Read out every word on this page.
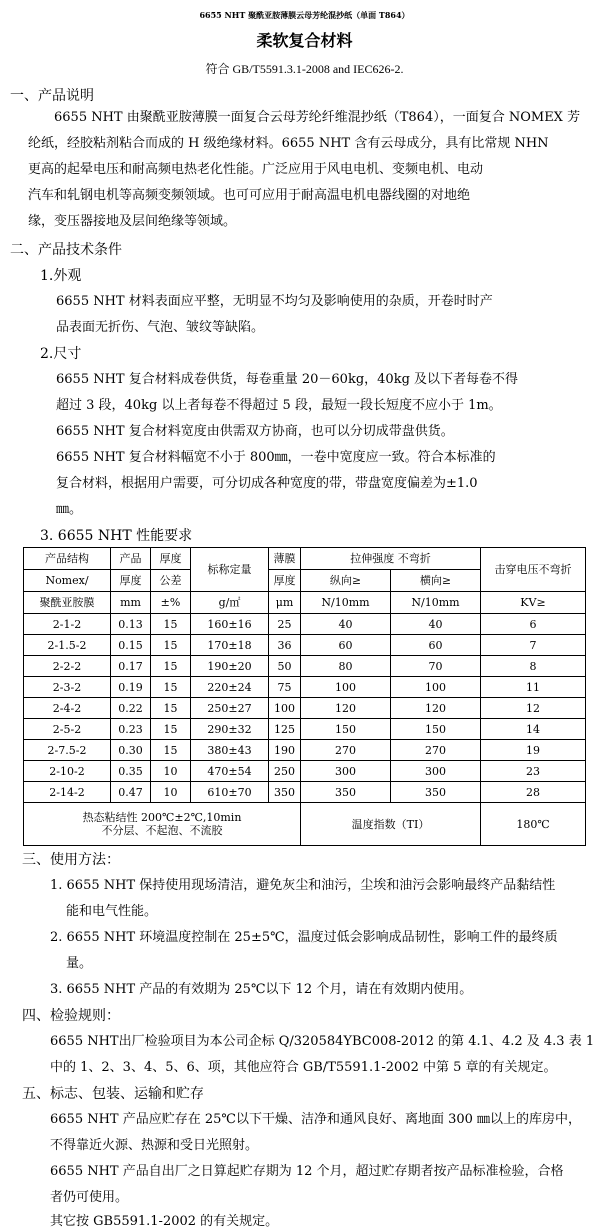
6655 NHT 聚酰亚胺薄膜云母芳纶混抄纸（单面 T864）
柔软复合材料
符合 GB/T5591.3.1-2008 and IEC626-2.
一、产品说明
6655 NHT 由聚酰亚胺薄膜一面复合云母芳纶纤维混抄纸（T864），一面复合 NOMEX 芳
纶纸，经胶粘剂粘合而成的 H 级绝缘材料。6655 NHT 含有云母成分，具有比常规 NHN
更高的起晕电压和耐高频电热老化性能。广泛应用于风电电机、变频电机、电动
汽车和轧钢电机等高频变频领域。也可可应用于耐高温电机电器线圈的对地绝
缘，变压器接地及层间绝缘等领域。
二、产品技术条件
1.外观
6655 NHT 材料表面应平整，无明显不均匀及影响使用的杂质，开卷时时产
品表面无折伤、气泡、皱纹等缺陷。
2.尺寸
6655 NHT 复合材料成卷供货，每卷重量 20－60kg，40kg 及以下者每卷不得
超过 3 段，40kg 以上者每卷不得超过 5 段，最短一段长短度不应小于 1m。
6655 NHT 复合材料宽度由供需双方协商，也可以分切成带盘供货。
6655 NHT 复合材料幅宽不小于 800㎜，一卷中宽度应一致。符合本标准的
复合材料，根据用户需要，可分切成各种宽度的带，带盘宽度偏差为±1.0
㎜。
3. 6655 NHT 性能要求
产品结构	产品	厚度	标称定量	薄膜	拉伸强度 不弯折		击穿电压不弯折
Nomex/	厚度	公差		厚度	纵向≥	横向≥	
聚酰亚胺膜	mm	±%	g/㎡	μm	N/10mm	N/10mm	KV≥
2-1-2	0.13	15	160±16	25	40	40	6
2-1.5-2	0.15	15	170±18	36	60	60	7
2-2-2	0.17	15	190±20	50	80	70	8
2-3-2	0.19	15	220±24	75	100	100	11
2-4-2	0.22	15	250±27	100	120	120	12
2-5-2	0.23	15	290±32	125	150	150	14
2-7.5-2	0.30	15	380±43	190	270	270	19
2-10-2	0.35	10	470±54	250	300	300	23
2-14-2	0.47	10	610±70	350	350	350	28

热态粘结性 200℃±2℃,10min
不分层、不起泡、不流胶					温度指数（TI）		180℃
三、使用方法：
1. 6655 NHT 保持使用现场清洁，避免灰尘和油污，尘埃和油污会影响最终产品黏结性
能和电气性能。
2. 6655 NHT 环境温度控制在 25±5℃，温度过低会影响成品韧性，影响工件的最终质
量。
3. 6655 NHT 产品的有效期为 25℃以下 12 个月，请在有效期内使用。
四、检验规则：
6655 NHT出厂检验项目为本公司企标 Q/320584YBC008-2012 的第 4.1、4.2 及 4.3 表 1
中的 1、2、3、4、5、6、项，其他应符合 GB/T5591.1-2002 中第 5 章的有关规定。
五、标志、包装、运输和贮存
6655 NHT 产品应贮存在 25℃以下干燥、洁净和通风良好、离地面 300 ㎜以上的库房中，
不得靠近火源、热源和受日光照射。
6655 NHT 产品自出厂之日算起贮存期为 12 个月，超过贮存期者按产品标准检验，合格
者仍可使用。
其它按 GB5591.1-2002 的有关规定。
